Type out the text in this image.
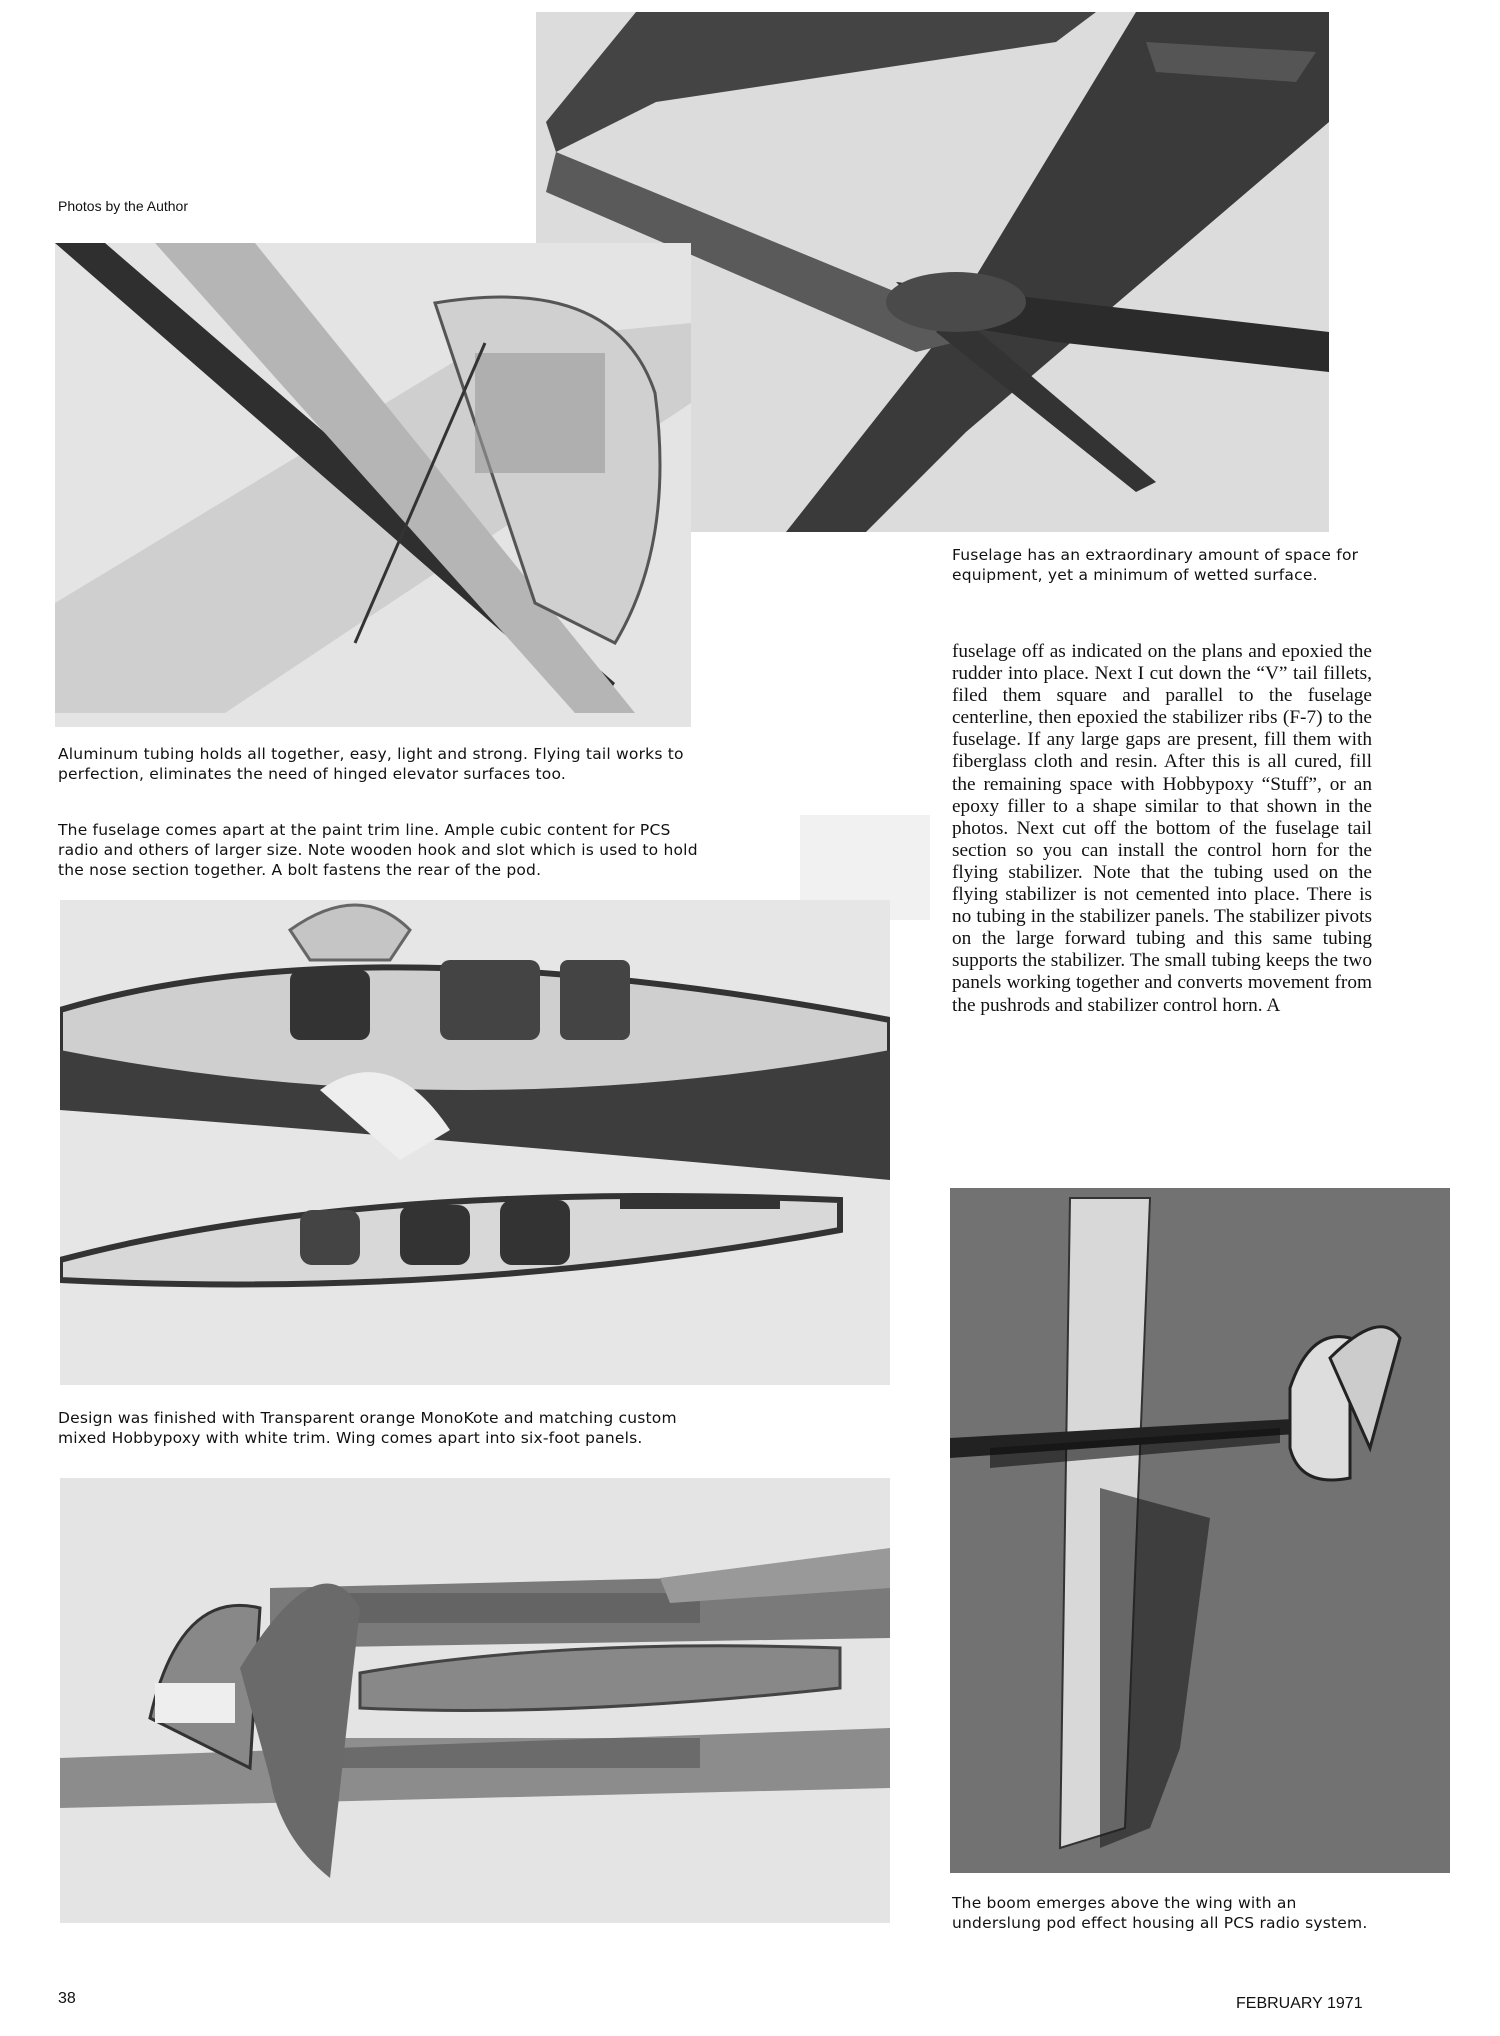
Photos by the Author
Fuselage has an extraordinary amount of space for equipment, yet a minimum of wetted surface.
Aluminum tubing holds all together, easy, light and strong. Flying tail works to perfection, eliminates the need of hinged elevator surfaces too.
The fuselage comes apart at the paint trim line. Ample cubic content for PCS radio and others of larger size. Note wooden hook and slot which is used to hold the nose section together. A bolt fastens the rear of the pod.
Design was finished with Transparent orange MonoKote and matching custom mixed Hobbypoxy with white trim. Wing comes apart into six-foot panels.
fuselage off as indicated on the plans and epoxied the rudder into place. Next I cut down the “V” tail fillets, filed them square and parallel to the fuselage centerline, then epoxied the stabilizer ribs (F-7) to the fuselage. If any large gaps are present, fill them with fiberglass cloth and resin. After this is all cured, fill the remaining space with Hobbypoxy “Stuff”, or an epoxy filler to a shape similar to that shown in the photos. Next cut off the bottom of the fuselage tail section so you can install the control horn for the flying stabilizer. Note that the tubing used on the flying stabilizer is not cemented into place. There is no tubing in the stabilizer panels. The stabilizer pivots on the large forward tubing and this same tubing supports the stabilizer. The small tubing keeps the two panels working together and converts movement from the pushrods and stabilizer control horn. A
The boom emerges above the wing with an underslung pod effect housing all PCS radio system.
38	FEBRUARY 1971
